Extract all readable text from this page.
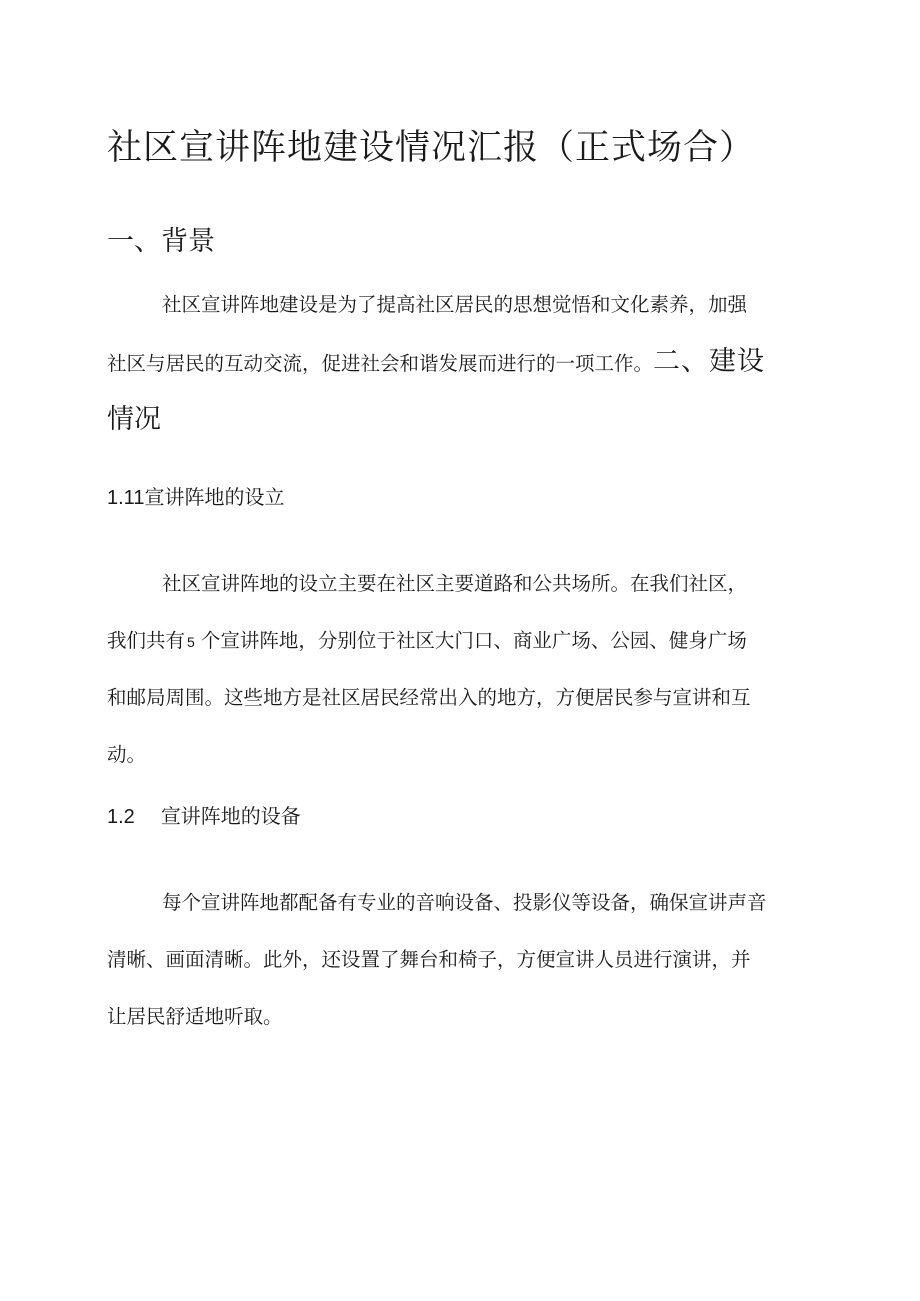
社区宣讲阵地建设情况汇报（正式场合）
一、背景
社区宣讲阵地建设是为了提高社区居民的思想觉悟和文化素养，加强
社区与居民的互动交流，促进社会和谐发展而进行的一项工作。二、建设
情况
1.11宣讲阵地的设立
社区宣讲阵地的设立主要在社区主要道路和公共场所。在我们社区，
我们共有 5 个宣讲阵地，分别位于社区大门口、商业广场、公园、健身广场
和邮局周围。这些地方是社区居民经常出入的地方，方便居民参与宣讲和互
动。
1.2 宣讲阵地的设备
每个宣讲阵地都配备有专业的音响设备、投影仪等设备，确保宣讲声音
清晰、画面清晰。此外，还设置了舞台和椅子，方便宣讲人员进行演讲，并
让居民舒适地听取。
